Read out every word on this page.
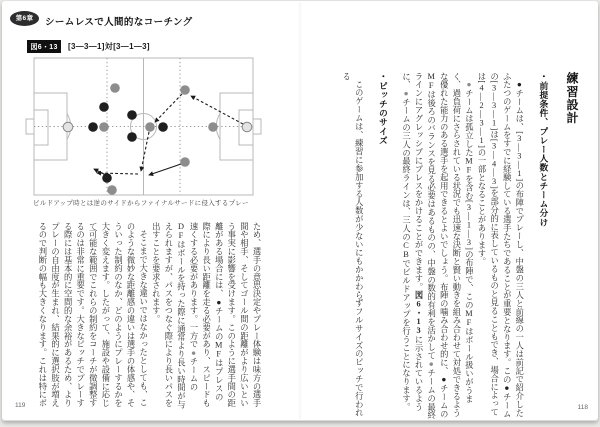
第6章	シームレスで人間的なコーチング
図6・13	[3—3—1]対[3—1—3]
ビルドアップ時とは逆のサイドからファイナルサードに侵入するプレー
練習設計
・前提条件、プレー人数とチーム分け
●チームは、[3—3—1]の布陣でプレーし、中盤の三人と前線の一人は前記で紹介したふたつのゲームをすでに経験している選手たちであることが重要となります。この●チームの[3—3—1]は[3—4—3]を部分的に表しているものと見ることもでき、場合によっては[4—2—3—1]の一部となることがあります。
●チームは孤立したMFを含む[3—1—3]の布陣で、このMFはボール扱いがうまく、過負荷にさらされている状況でも迅速な決断と賢い動きを組み合わせて対処できるような優れた能力のある選手を起用できるとよいでしょう。布陣の噛み合わせ的に、●チームのMFは後ろのバランスを見る必要はあるものの、中盤の数的有利を活かして●チームの最終ラインにアグレッシブにプレスをかけることができます。図6・13に示されているように、●チームの三人の最終ラインは、三人のCBでビルドアップを行うことになります。
・ピッチのサイズ
このゲームは、練習に参加する人数が少ないにもかかわらずフルサイズのピッチで行われる
ため、選手の意思決定やプレー体験は味方の選手間や相手、そしてゴール間の距離がより広いという事実に影響を受けます。このように選手間の距離がある場合には、●チームのMFはプレスの際により長い距離を走る必要があり、スピードも速くする必要があります。一方で●チームのDFはボールを持った際に通常より長い時間が与えられますが、パスをつなぐ際により長いパスを出すことを要求されます。
そこまで大きな違いではなかったとしても、このような微妙な距離感の違いは選手の体感や、そういった制約のなか、どのようにプレーするかを大きく変えます。したがって、施設や設備に応じて可能な範囲でこれらの制約をコーチが微調整するのは非常に重要です。大きなピッチでプレーする際には基本的に空間的な余裕があるため、よりプレーの自由度が生まれ、結果的に選択肢が増えるので判断の幅も大きくなります。これは特にボ
119	118
